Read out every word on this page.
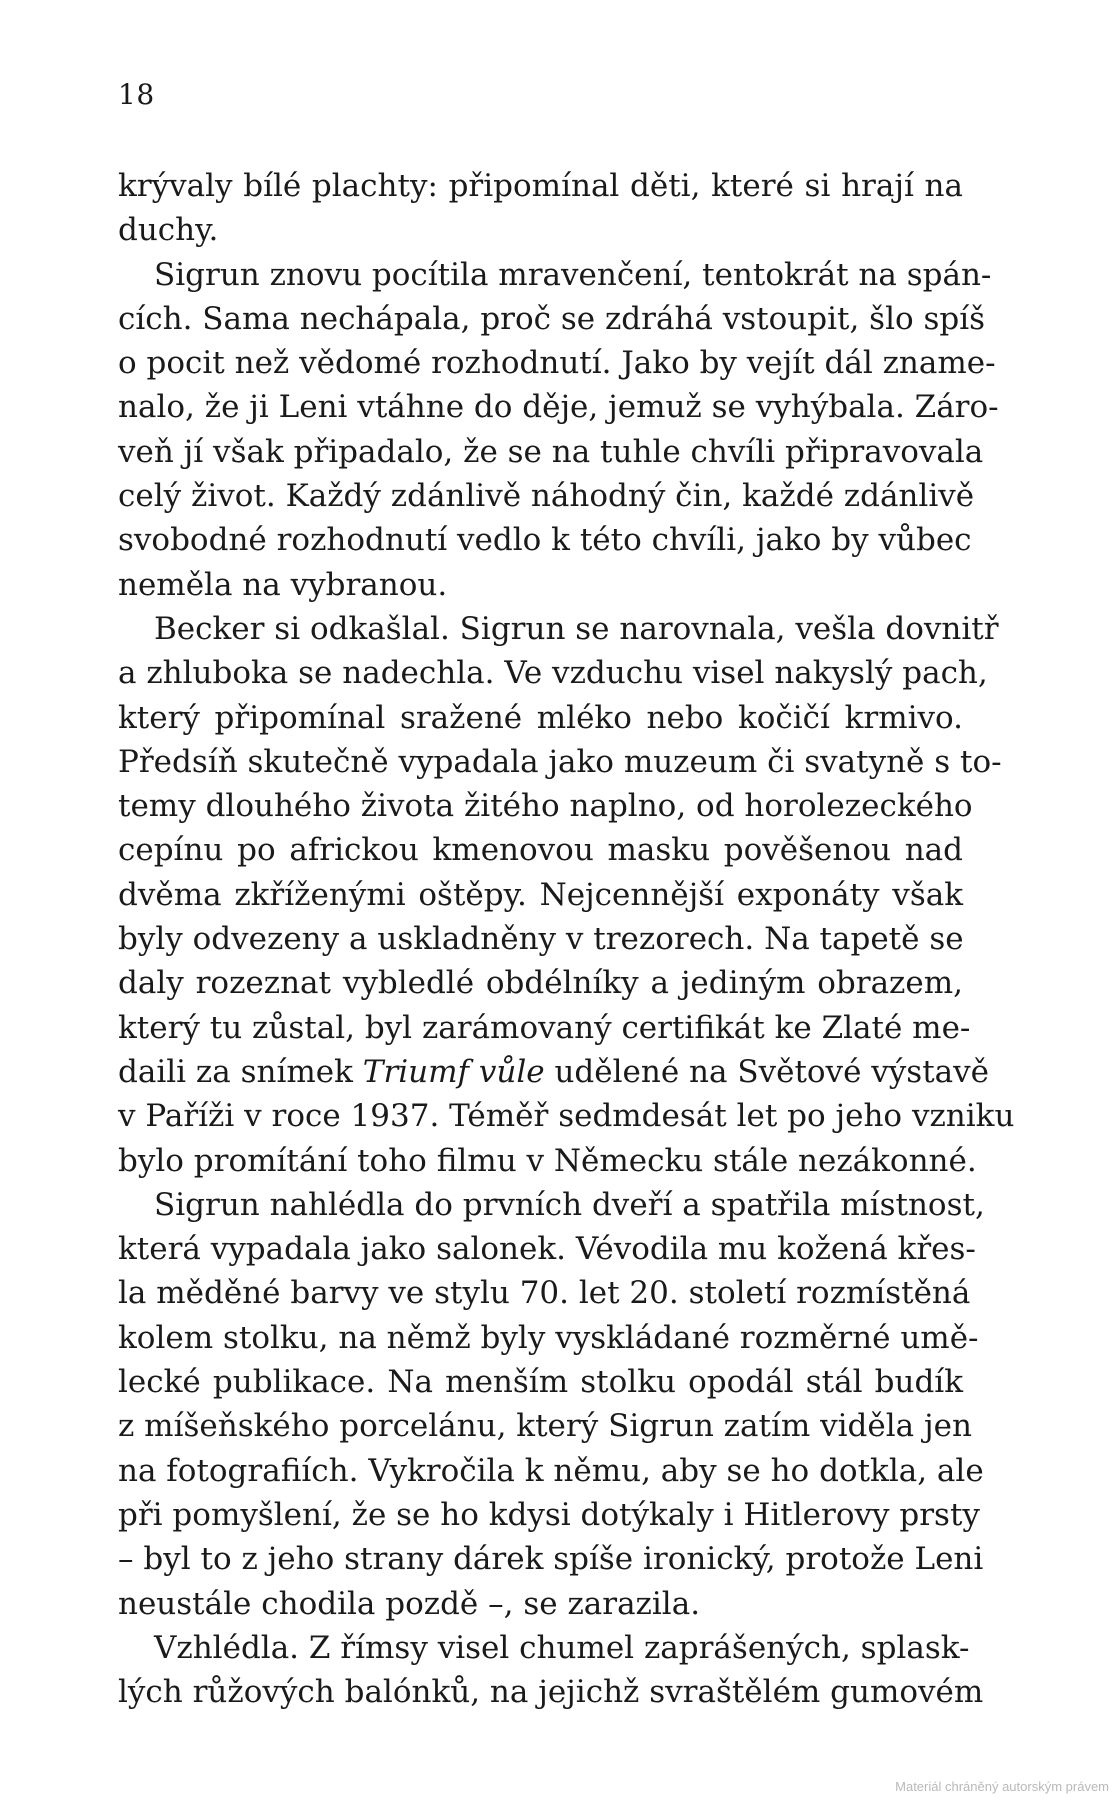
18
krývaly bílé plachty: připomínal děti, které si hrají na
duchy.
Sigrun znovu pocítila mravenčení, tentokrát na spán-
cích. Sama nechápala, proč se zdráhá vstoupit, šlo spíš
o pocit než vědomé rozhodnutí. Jako by vejít dál zname-
nalo, že ji Leni vtáhne do děje, jemuž se vyhýbala. Záro-
veň jí však připadalo, že se na tuhle chvíli připravovala
celý život. Každý zdánlivě náhodný čin, každé zdánlivě
svobodné rozhodnutí vedlo k této chvíli, jako by vůbec
neměla na vybranou.
Becker si odkašlal. Sigrun se narovnala, vešla dovnitř
a zhluboka se nadechla. Ve vzduchu visel nakyslý pach,
který připomínal sražené mléko nebo kočičí krmivo.
Předsíň skutečně vypadala jako muzeum či svatyně s to-
temy dlouhého života žitého naplno, od horolezeckého
cepínu po africkou kmenovou masku pověšenou nad
dvěma zkříženými oštěpy. Nejcennější exponáty však
byly odvezeny a uskladněny v trezorech. Na tapetě se
daly rozeznat vybledlé obdélníky a jediným obrazem,
který tu zůstal, byl zarámovaný certifikát ke Zlaté me-
daili za snímek Triumf vůle udělené na Světové výstavě
v Paříži v roce 1937. Téměř sedmdesát let po jeho vzniku
bylo promítání toho filmu v Německu stále nezákonné.
Sigrun nahlédla do prvních dveří a spatřila místnost,
která vypadala jako salonek. Vévodila mu kožená křes-
la měděné barvy ve stylu 70. let 20. století rozmístěná
kolem stolku, na němž byly vyskládané rozměrné umě-
lecké publikace. Na menším stolku opodál stál budík
z míšeňského porcelánu, který Sigrun zatím viděla jen
na fotografiích. Vykročila k němu, aby se ho dotkla, ale
při pomyšlení, že se ho kdysi dotýkaly i Hitlerovy prsty
– byl to z jeho strany dárek spíše ironický, protože Leni
neustále chodila pozdě –, se zarazila.
Vzhlédla. Z římsy visel chumel zaprášených, splask-
lých růžových balónků, na jejichž svraštělém gumovém
Materiál chráněný autorským právem
